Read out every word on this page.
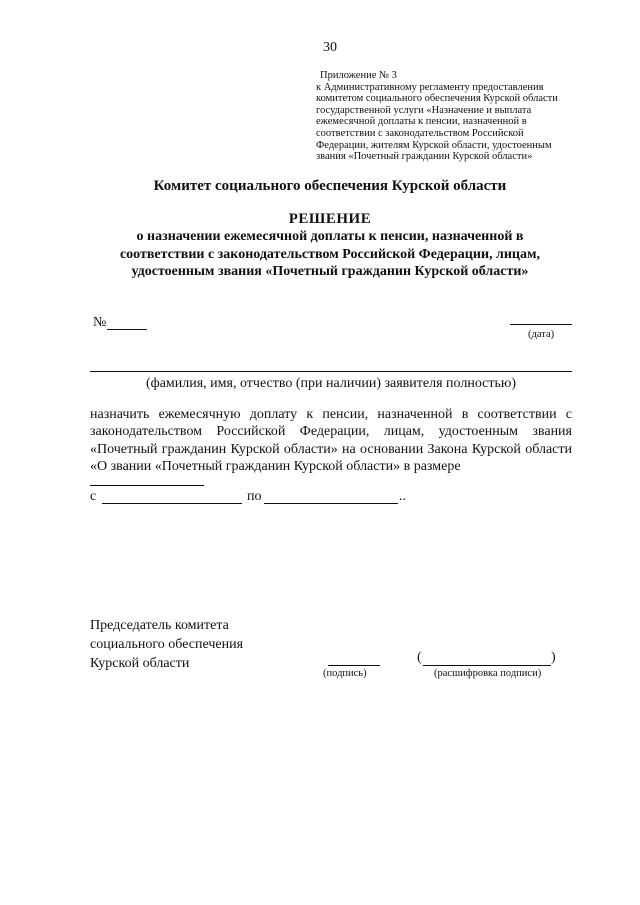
30
Приложение № 3
к Административному регламенту предоставления
комитетом социального обеспечения Курской области
государственной услуги «Назначение и выплата
ежемесячной доплаты к пенсии, назначенной в
соответствии с законодательством Российской
Федерации, жителям Курской области, удостоенным
звания «Почетный гражданин Курской области»
Комитет социального обеспечения Курской области
РЕШЕНИЕ
о назначении ежемесячной доплаты к пенсии, назначенной в
соответствии с законодательством Российской Федерации, лицам,
удостоенным звания «Почетный гражданин Курской области»
№
(дата)
(фамилия, имя, отчество (при наличии) заявителя полностью)
назначить ежемесячную доплату к пенсии, назначенной в соответствии с законодательством Российской Федерации, лицам, удостоенным звания «Почетный гражданин Курской области» на основании Закона Курской области «О звании «Почетный гражданин Курской области» в размере
с	по	..
Председатель комитета
социального обеспечения
Курской области
(подпись)
(	)
(расшифровка подписи)
